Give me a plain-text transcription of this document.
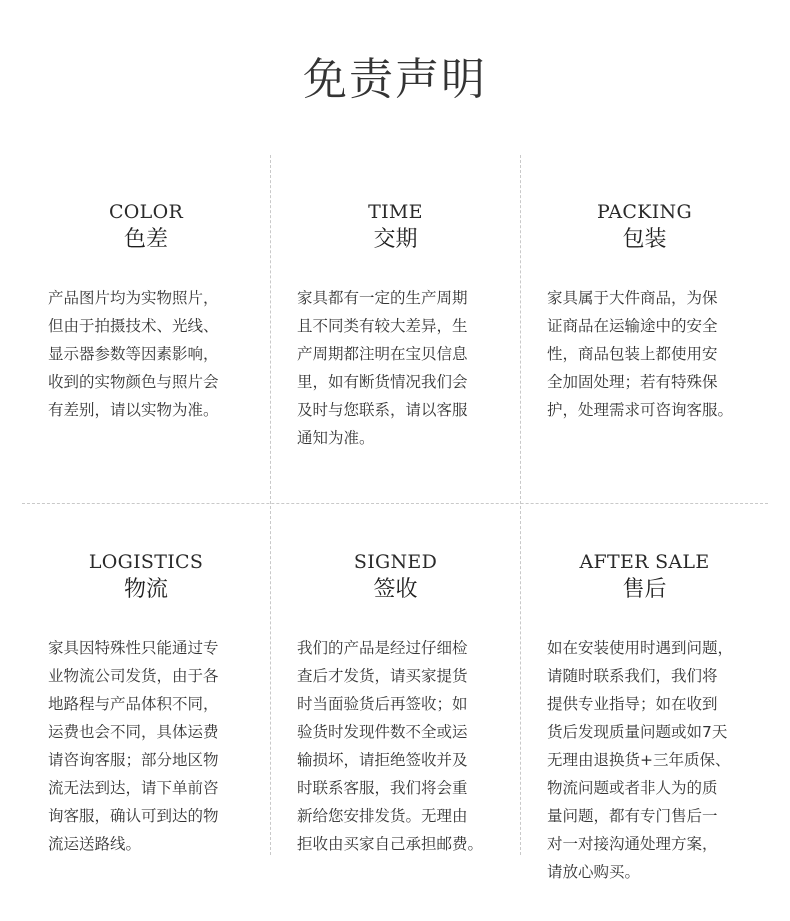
免责声明
COLOR
色差
产品图片均为实物照片，
但由于拍摄技术、光线、
显示器参数等因素影响，
收到的实物颜色与照片会
有差别，请以实物为准。
TIME
交期
家具都有一定的生产周期
且不同类有较大差异，生
产周期都注明在宝贝信息
里，如有断货情况我们会
及时与您联系，请以客服
通知为准。
PACKING
包装
家具属于大件商品，为保
证商品在运输途中的安全
性，商品包装上都使用安
全加固处理；若有特殊保
护，处理需求可咨询客服。
LOGISTICS
物流
家具因特殊性只能通过专
业物流公司发货，由于各
地路程与产品体积不同，
运费也会不同，具体运费
请咨询客服；部分地区物
流无法到达，请下单前咨
询客服，确认可到达的物
流运送路线。
SIGNED
签收
我们的产品是经过仔细检
查后才发货，请买家提货
时当面验货后再签收；如
验货时发现件数不全或运
输损坏，请拒绝签收并及
时联系客服，我们将会重
新给您安排发货。无理由
拒收由买家自己承担邮费。
AFTER SALE
售后
如在安装使用时遇到问题，
请随时联系我们，我们将
提供专业指导；如在收到
货后发现质量问题或如7天
无理由退换货+三年质保、
物流问题或者非人为的质
量问题，都有专门售后一
对一对接沟通处理方案，
请放心购买。
